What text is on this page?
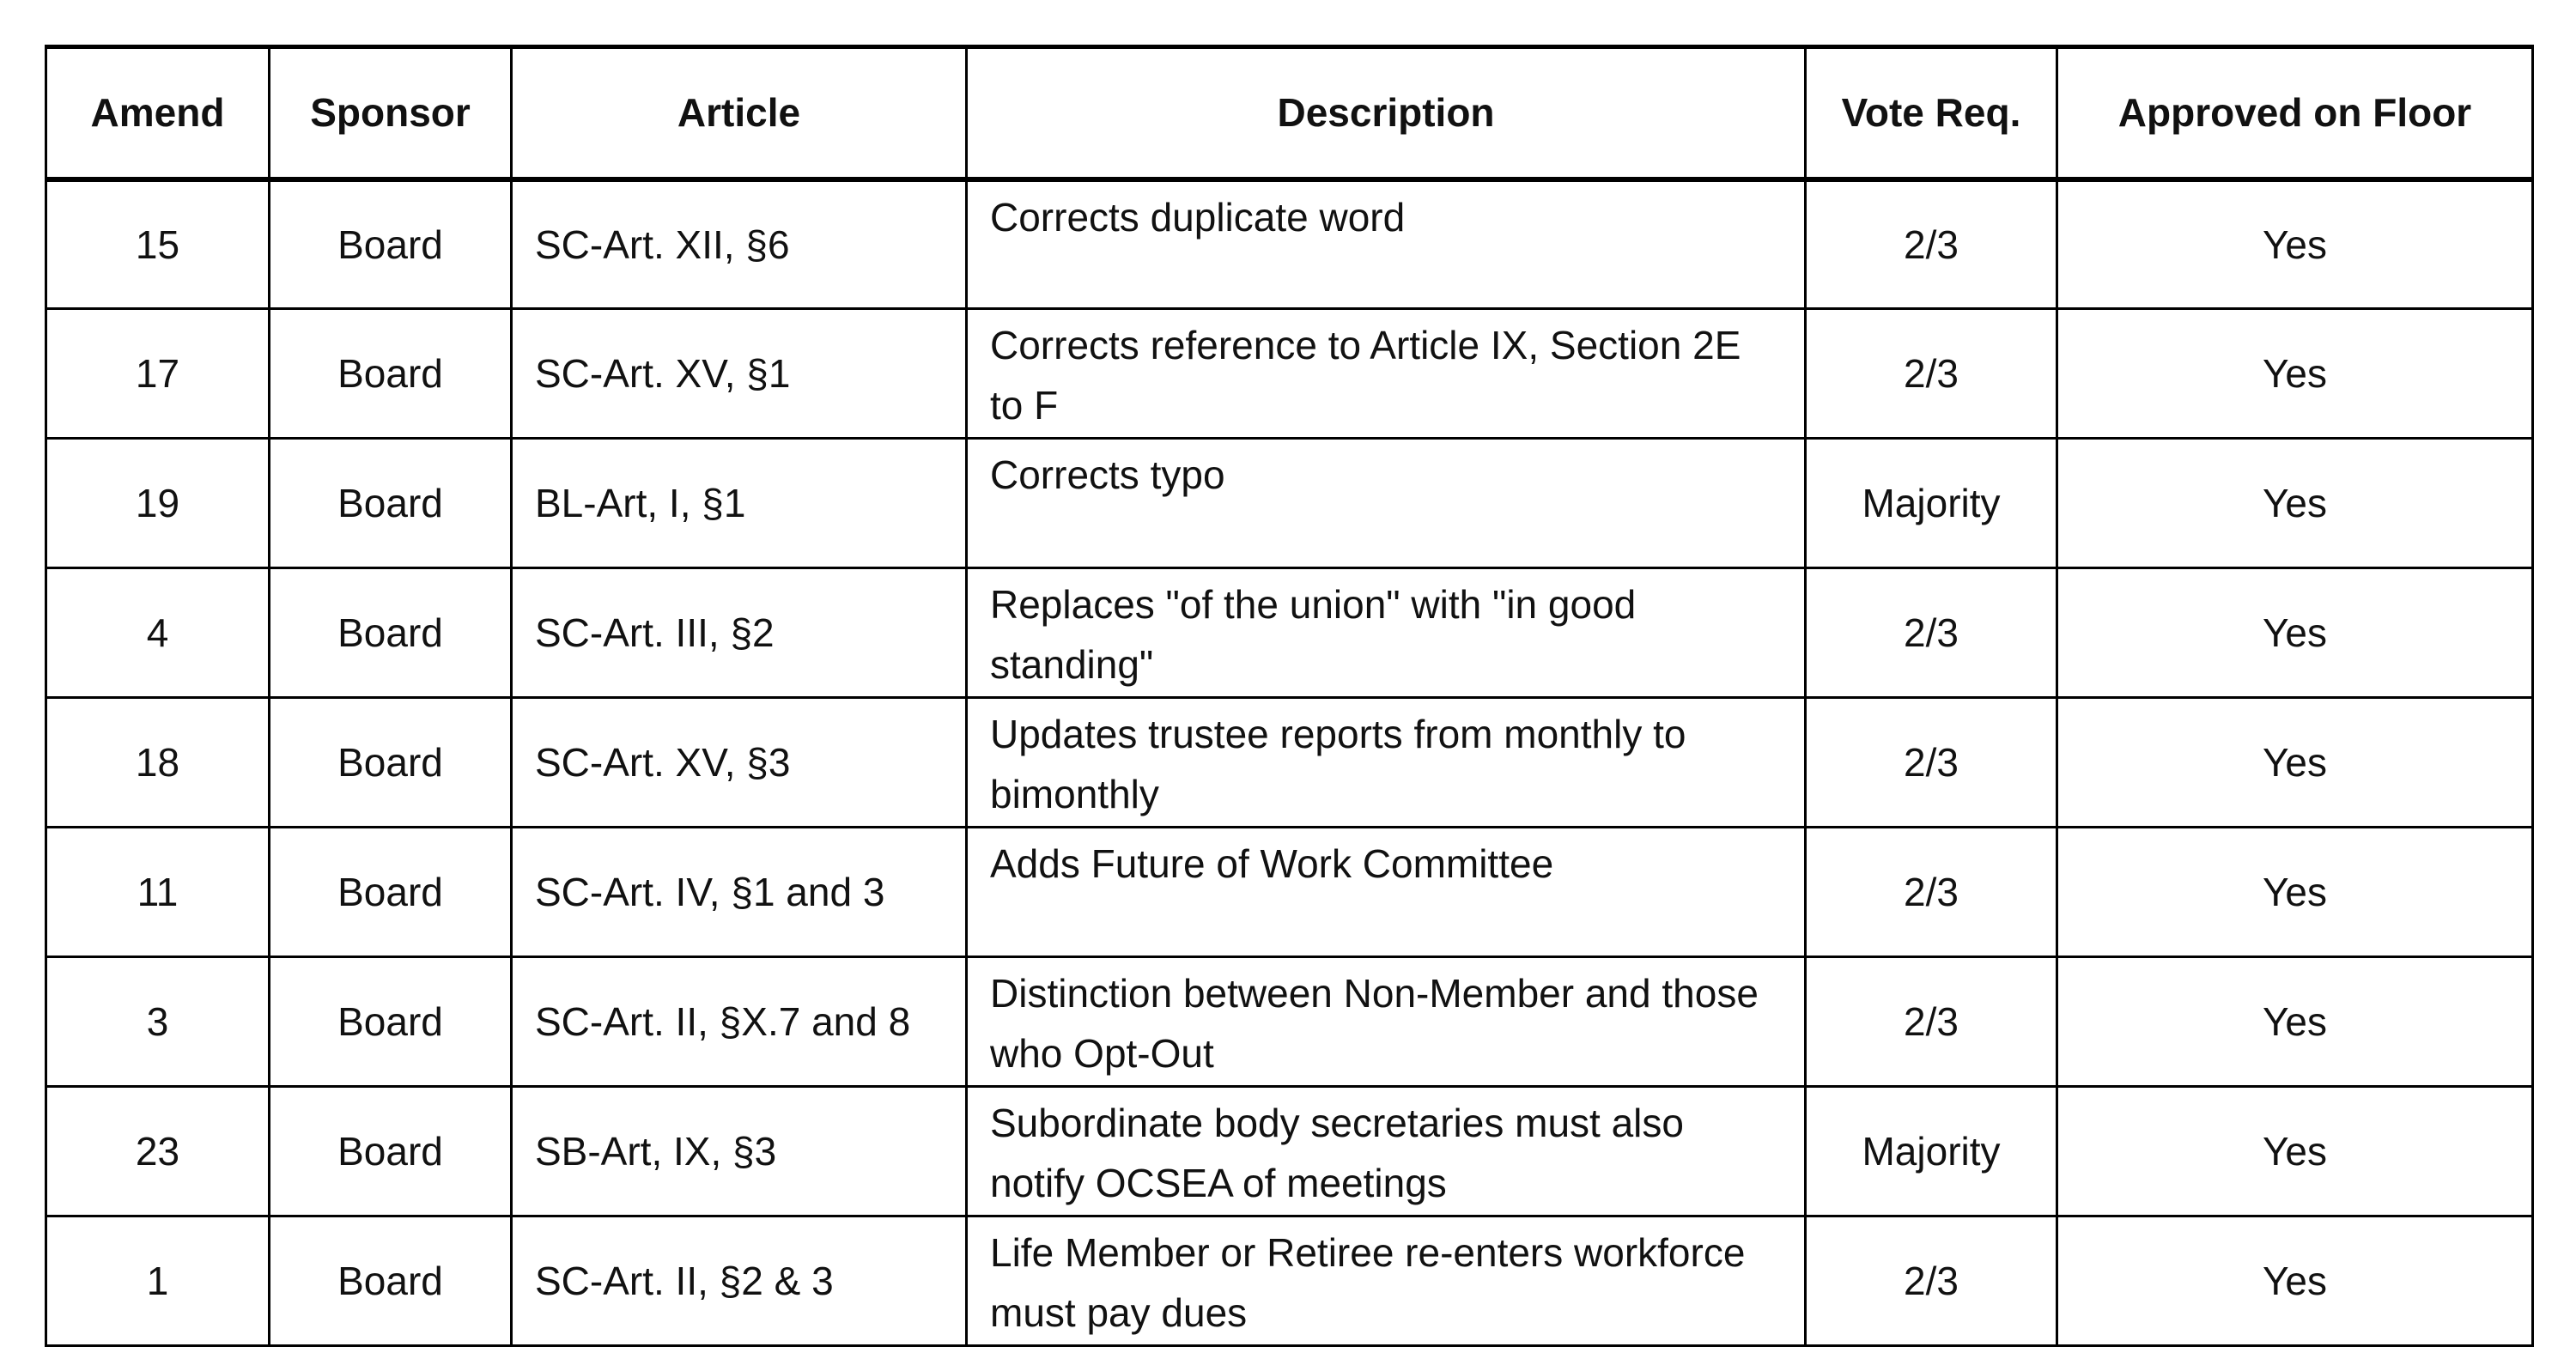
Amend	Sponsor	Article	Description	Vote Req.	Approved on Floor
15	Board	SC-Art. XII, §6	Corrects duplicate word	2/3	Yes
17	Board	SC-Art. XV, §1	Corrects reference to Article IX, Section 2E to F	2/3	Yes
19	Board	BL-Art, I, §1	Corrects typo	Majority	Yes
4	Board	SC-Art. III, §2	Replaces "of the union" with "in good standing"	2/3	Yes
18	Board	SC-Art. XV, §3	Updates trustee reports from monthly to bimonthly	2/3	Yes
11	Board	SC-Art. IV, §1 and 3	Adds Future of Work Committee	2/3	Yes
3	Board	SC-Art. II, §X.7 and 8	Distinction between Non-Member and those who Opt-Out	2/3	Yes
23	Board	SB-Art, IX, §3	Subordinate body secretaries must also notify OCSEA of meetings	Majority	Yes
1	Board	SC-Art. II, §2 & 3	Life Member or Retiree re-enters workforce must pay dues	2/3	Yes
